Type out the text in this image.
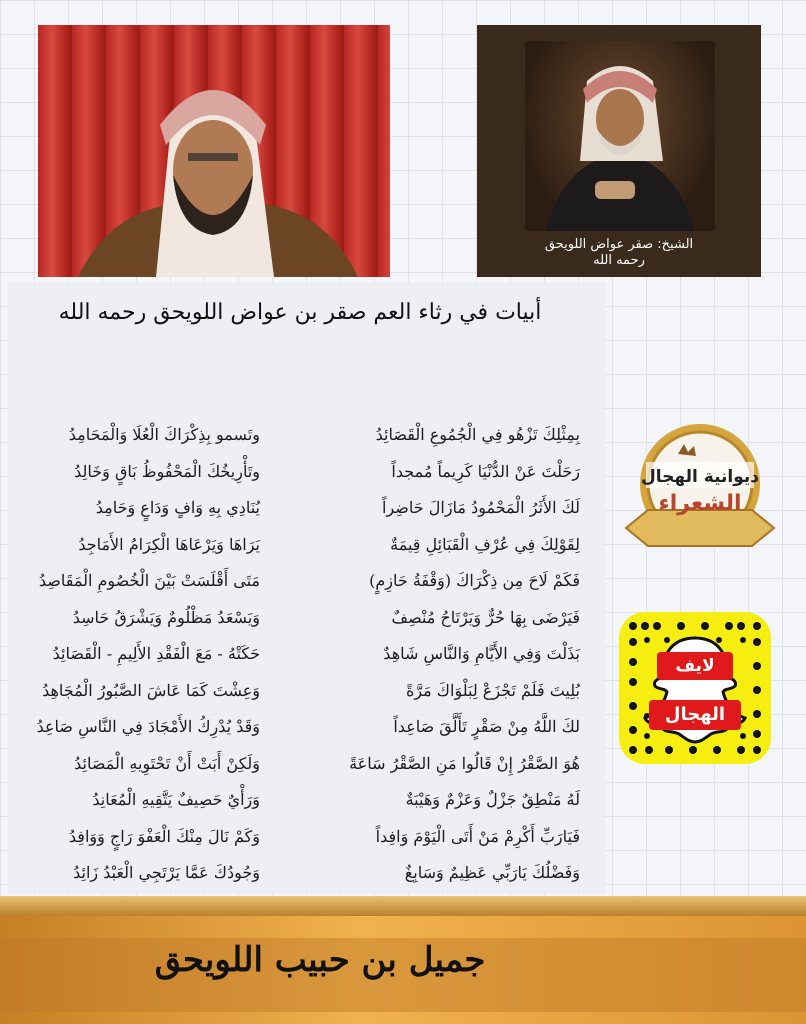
الشيخ: صقر عواض اللويحق
رحمه الله
أبيات في رثاء العم صقر بن عواض اللويحق رحمه الله
بِمِثْلِكَ تَزْهُو فِي الْجُمُوعِ الْقَصَائِدُ
رَحَلْتَ عَنْ الدُّنْيَا كَرِيماً مُمجداً
لَكَ الأَثَرُ الْمَحْمُودُ مَازَالَ حَاضِراً
لِقَوْلِكَ فِي عُرْفِ الْقَبَائِلِ قِيمَةٌ
فَكَمْ لَاحَ مِن ذِكْرَاكَ (وَقْفَةُ حَازِمٍ)
فَيَرْضَى بِهَا حُرٌّ وَيَرْتَاحُ مُنْصِفٌ
بَذَلْتَ وَفِي الأَيَّامِ وَالنَّاسِ شَاهِدٌ
بُلِيتَ فَلَمْ تَجْزَعْ لِبَلْوَاكَ مَرَّةً
لكَ اللَّهُ مِنْ صَقْرٍ تَأَلَّقَ صَاعِداً
هُوَ الصَّقْرُ إِنْ قَالُوا مَنِ الصَّقْرُ سَاعَةً
لَهُ مَنْطِقٌ جَزْلٌ وَعَزْمٌ وَهَيْبَةٌ
فَيَارَبِّ أَكْرِمْ مَنْ أَتَى الْيَوْمَ وَافِداً
وَفَضْلُكَ يَارَبِّي عَظِيمٌ وَسَابِغٌ
وتَسمو بِذِكْرَاكَ الْعُلَا وَالْمَحَامِدُ
وتَأْرِيخُكَ الْمَحْفُوظُ بَاقٍ وَخَالِدُ
يُنَادِي بِهِ وَافٍ وَدَاعٍ وَحَامِدُ
يَرَاهَا وَيَرْعَاهَا الْكِرَامُ الأَمَاجِدُ
مَتَى أَقْلَسَتْ بَيْنَ الْخُصُومِ الْمَقَاصِدُ
وَيَسْعَدُ مَظْلُومٌ وَيَشْرَقُ حَاسِدُ
حَكَتْهُ - مَعَ الْفَقْدِ الأَلِيمِ - الْقَصَائِدُ
وَعِشْتَ كَمَا عَاشَ الصَّبُورُ الْمُجَاهِدُ
وَقَدْ يُدْرِكُ الأَمْجَادَ فِي النَّاسِ صَاعِدُ
وَلَكِنْ أَبَتْ أَنْ تَحْتَوِيهِ الْمَصَائِدُ
وَرَأْيٌ حَصِيفٌ يَتَّقِيهِ الْمُعَانِدُ
وَكَمْ نَالَ مِنْكَ الْعَفْوَ رَاجٍ وَوَافِدُ
وَجُودُكَ عَمَّا يَرْتَجِي الْعَبْدُ زَائِدُ
ديوانية الهجال
الشعراء
لايف
الهجال
جميل بن حبيب اللويحق
